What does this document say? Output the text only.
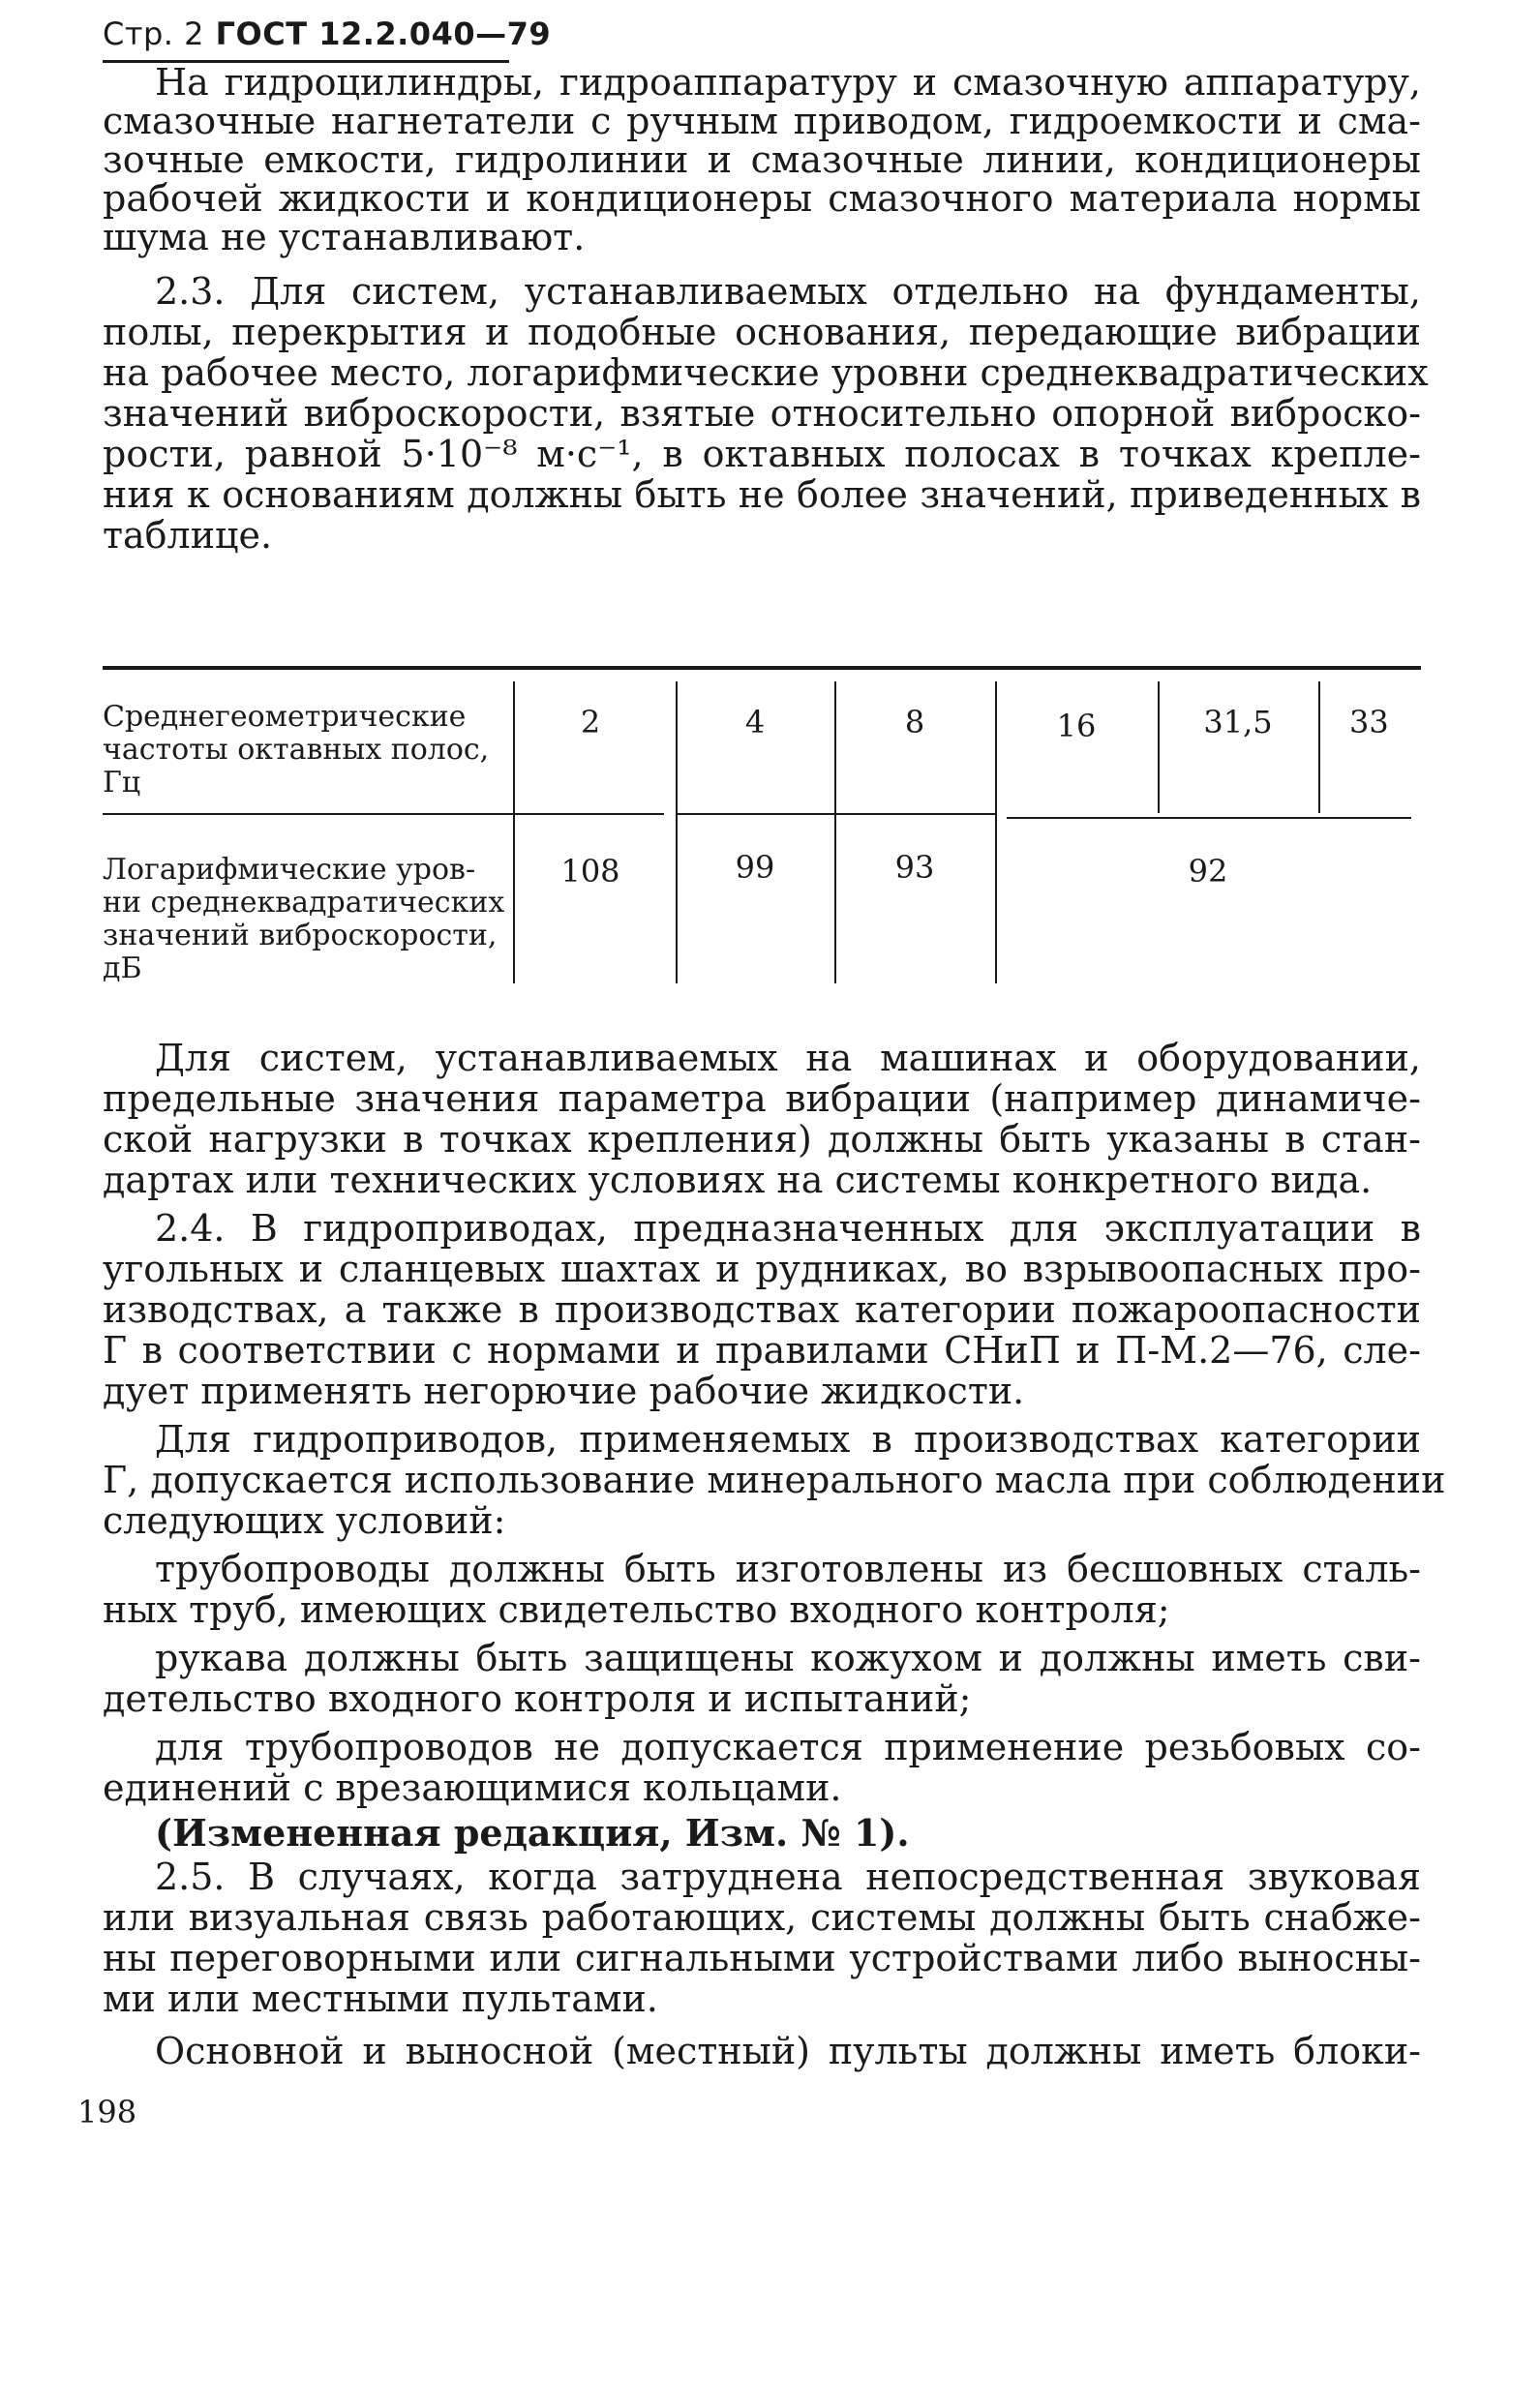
Стр. 2 ГОСТ 12.2.040—79
На гидроцилиндры, гидроаппаратуру и смазочную аппаратуру,
смазочные нагнетатели с ручным приводом, гидроемкости и сма-
зочные емкости, гидролинии и смазочные линии, кондиционеры
рабочей жидкости и кондиционеры смазочного материала нормы
шума не устанавливают.
2.3. Для систем, устанавливаемых отдельно на фундаменты,
полы, перекрытия и подобные основания, передающие вибрации
на рабочее место, логарифмические уровни среднеквадратических
значений виброскорости, взятые относительно опорной виброско-
рости, равной 5·10⁻⁸ м·с⁻¹, в октавных полосах в точках крепле-
ния к основаниям должны быть не более значений, приведенных в
таблице.
Среднегеометрические
частоты октавных полос,
Гц
2	4	8	16	31,5	33
Логарифмические уров-
ни среднеквадратических
значений виброскорости,
дБ
108	99	93	92
Для систем, устанавливаемых на машинах и оборудовании,
предельные значения параметра вибрации (например динамиче-
ской нагрузки в точках крепления) должны быть указаны в стан-
дартах или технических условиях на системы конкретного вида.
2.4. В гидроприводах, предназначенных для эксплуатации в
угольных и сланцевых шахтах и рудниках, во взрывоопасных про-
изводствах, а также в производствах категории пожароопасности
Г в соответствии с нормами и правилами СНиП и П-М.2—76, сле-
дует применять негорючие рабочие жидкости.
Для гидроприводов, применяемых в производствах категории
Г, допускается использование минерального масла при соблюдении
следующих условий:
трубопроводы должны быть изготовлены из бесшовных сталь-
ных труб, имеющих свидетельство входного контроля;
рукава должны быть защищены кожухом и должны иметь сви-
детельство входного контроля и испытаний;
для трубопроводов не допускается применение резьбовых со-
единений с врезающимися кольцами.
(Измененная редакция, Изм. № 1).
2.5. В случаях, когда затруднена непосредственная звуковая
или визуальная связь работающих, системы должны быть снабже-
ны переговорными или сигнальными устройствами либо выносны-
ми или местными пультами.
Основной и выносной (местный) пульты должны иметь блоки-
198
